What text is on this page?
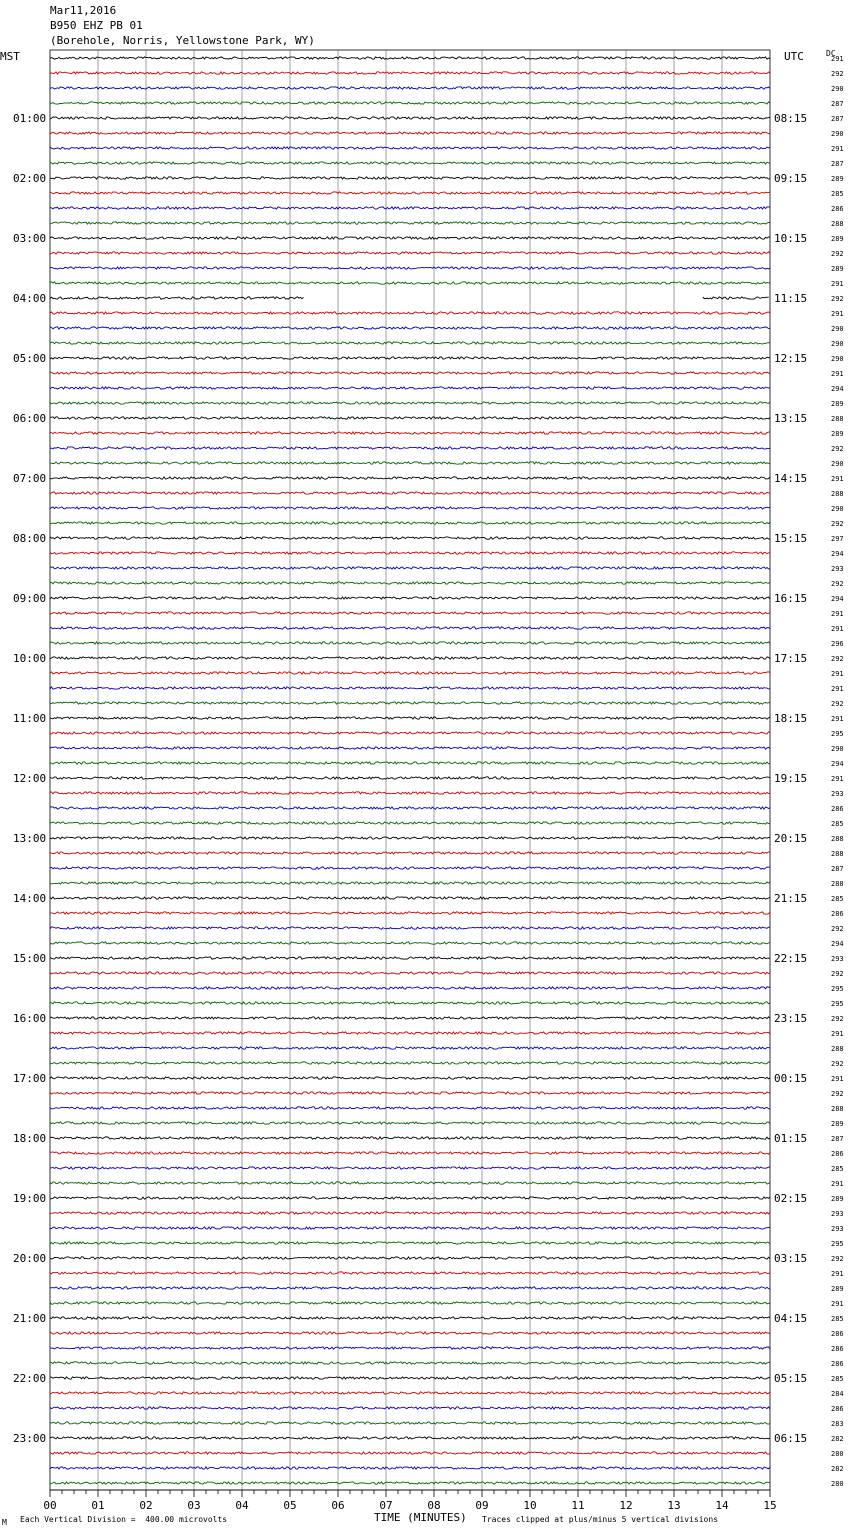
Mar11,2016
B950 EHZ PB 01
(Borehole, Norris, Yellowstone Park, WY)
MST	UTC	DC
01:00
02:00
03:00
04:00
05:00
06:00
07:00
08:00
09:00
10:00
11:00
12:00
13:00
14:00
15:00
16:00
17:00
18:00
19:00
20:00
21:00
22:00
23:00
08:15
09:15
10:15
11:15
12:15
13:15
14:15
15:15
16:15
17:15
18:15
19:15
20:15
21:15
22:15
23:15
00:15
01:15
02:15
03:15
04:15
05:15
06:15
291
292
290
287
287
290
291
287
289
285
286
288
289
292
289
291
292
291
290
290
290
291
294
289
288
289
292
290
291
288
290
292
297
294
293
292
294
291
291
296
292
291
291
292
291
295
290
294
291
293
286
285
288
288
287
288
285
286
292
294
293
292
295
295
292
291
288
292
291
292
288
289
287
286
285
291
289
293
293
295
292
291
289
291
285
286
286
286
285
284
286
283
282
280
282
280
00	01	02	03	04	05	06	07	08	09	10	11	12	13	14	15
M Each Vertical Division =  400.00 microvolts	TIME (MINUTES) Traces clipped at plus/minus 5 vertical divisions
